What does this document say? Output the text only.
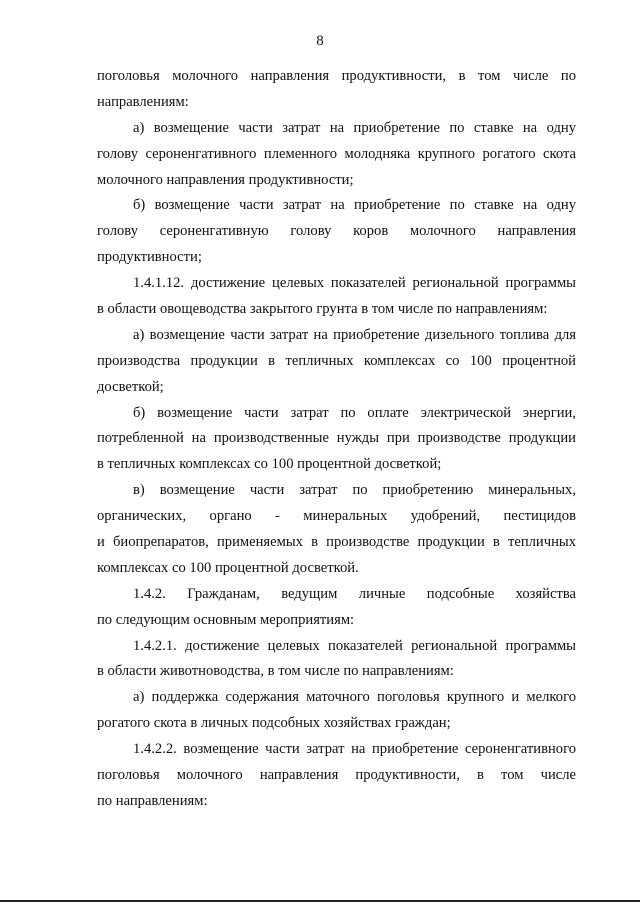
8
поголовья молочного направления продуктивности, в том числе по
направлениям:
а) возмещение части затрат на приобретение по ставке на одну
голову сероненгативного племенного молодняка крупного рогатого скота
молочного направления продуктивности;
б) возмещение части затрат на приобретение по ставке на одну
голову сероненгативную голову коров молочного направления
продуктивности;
1.4.1.12. достижение целевых показателей региональной программы
в области овощеводства закрытого грунта в том числе по направлениям:
а) возмещение части затрат на приобретение дизельного топлива для
производства продукции в тепличных комплексах со 100 процентной
досветкой;
б) возмещение части затрат по оплате электрической энергии,
потребленной на производственные нужды при производстве продукции
в тепличных комплексах со 100 процентной досветкой;
в) возмещение части затрат по приобретению минеральных,
органических, органо - минеральных удобрений, пестицидов
и биопрепаратов, применяемых в производстве продукции в тепличных
комплексах со 100 процентной досветкой.
1.4.2. Гражданам, ведущим личные подсобные хозяйства
по следующим основным мероприятиям:
1.4.2.1. достижение целевых показателей региональной программы
в области животноводства, в том числе по направлениям:
а) поддержка содержания маточного поголовья крупного и мелкого
рогатого скота в личных подсобных хозяйствах граждан;
1.4.2.2. возмещение части затрат на приобретение сероненгативного
поголовья молочного направления продуктивности, в том числе
по направлениям:
